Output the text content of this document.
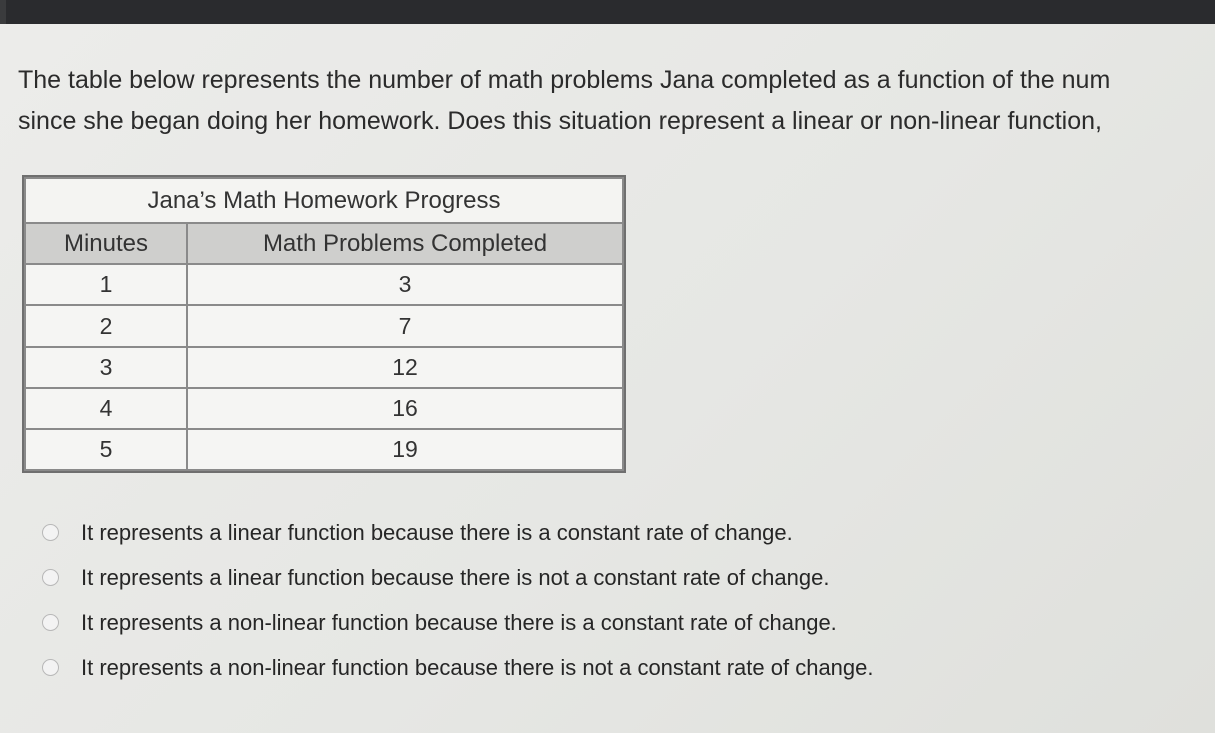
The table below represents the number of math problems Jana completed as a function of the num
since she began doing her homework. Does this situation represent a linear or non-linear function,
Jana’s Math Homework Progress	
Minutes	Math Problems Completed
1	3
2	7
3	12
4	16
5	19
It represents a linear function because there is a constant rate of change.
It represents a linear function because there is not a constant rate of change.
It represents a non-linear function because there is a constant rate of change.
It represents a non-linear function because there is not a constant rate of change.
